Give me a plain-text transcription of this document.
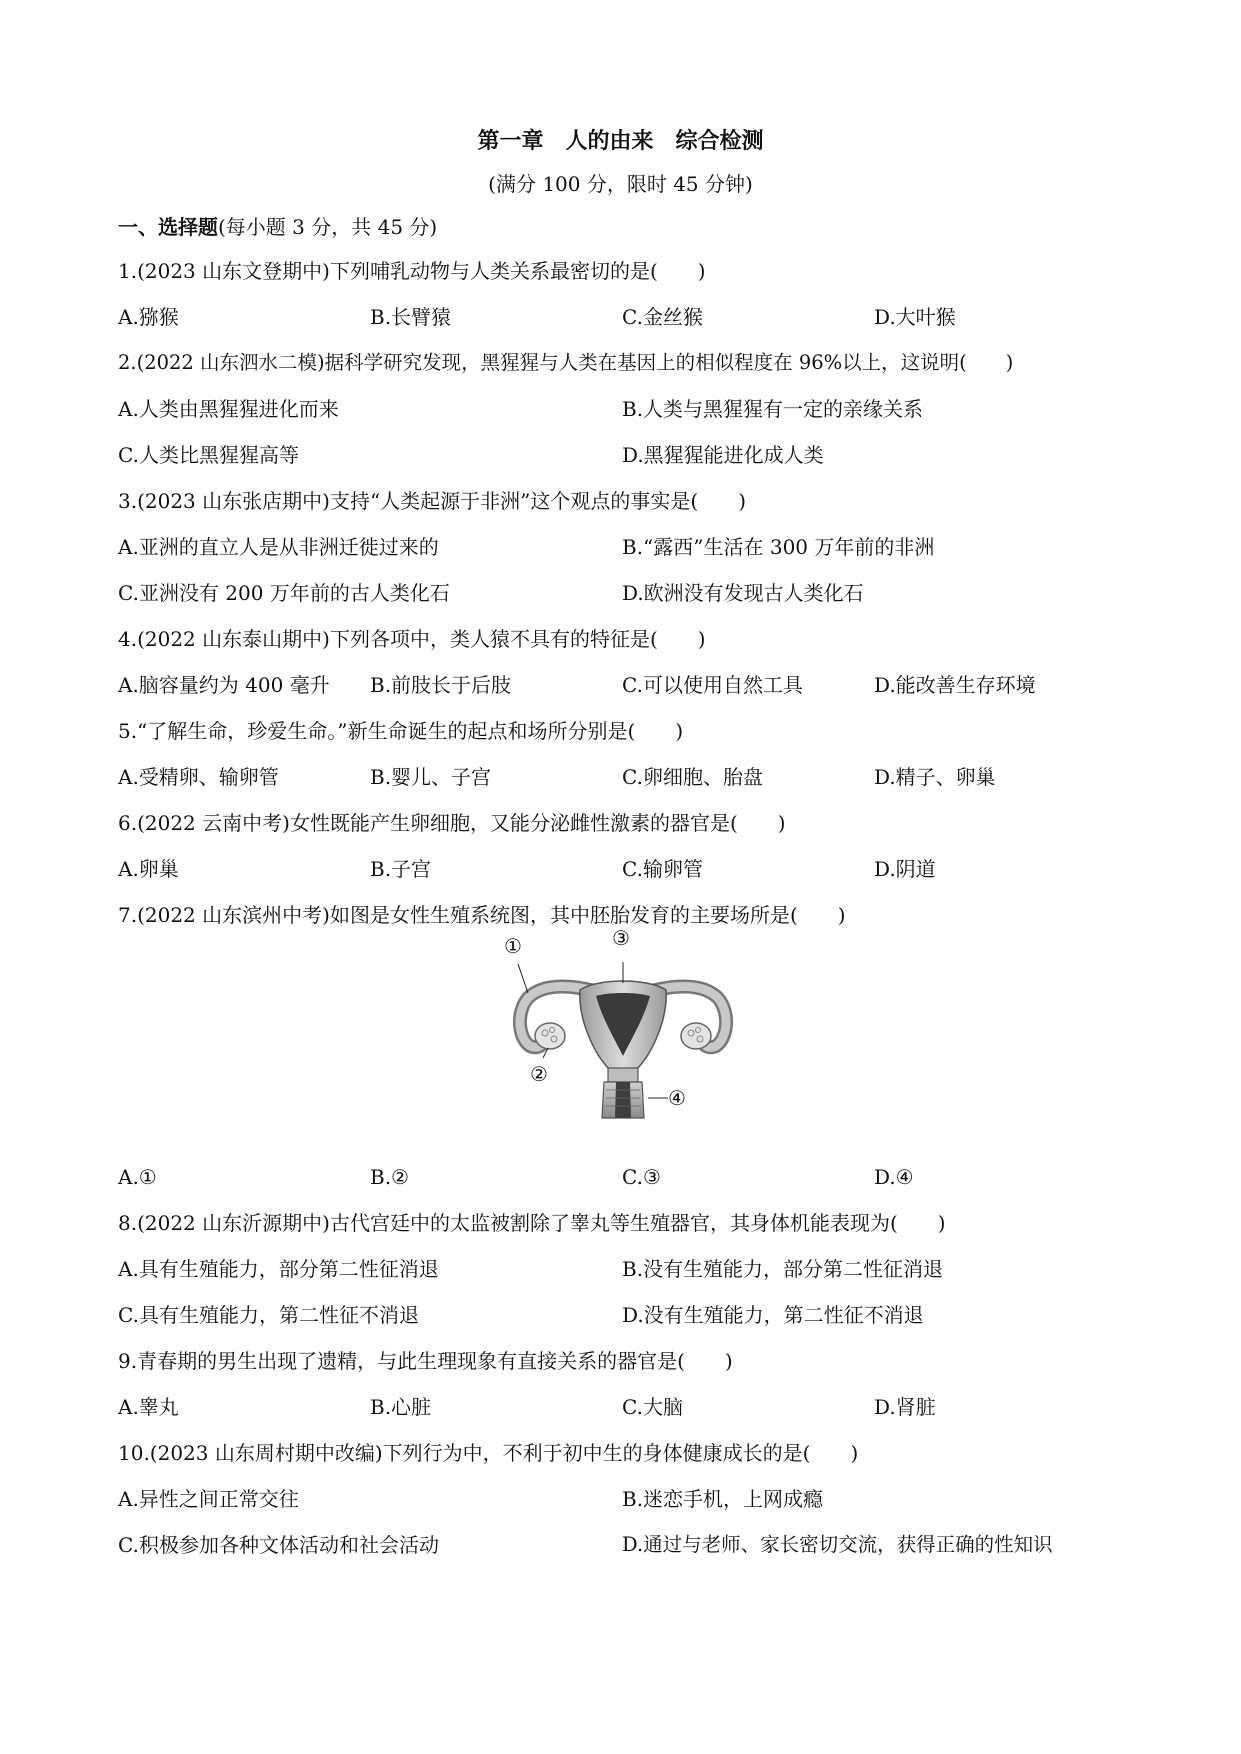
第一章　人的由来　综合检测
(满分 100 分，限时 45 分钟)
一、选择题(每小题 3 分，共 45 分)
1.(2023 山东文登期中)下列哺乳动物与人类关系最密切的是(　　)
A.猕猴	B.长臂猿	C.金丝猴	D.大叶猴
2.(2022 山东泗水二模)据科学研究发现，黑猩猩与人类在基因上的相似程度在 96%以上，这说明(　　)
A.人类由黑猩猩进化而来	B.人类与黑猩猩有一定的亲缘关系
C.人类比黑猩猩高等	D.黑猩猩能进化成人类
3.(2023 山东张店期中)支持“人类起源于非洲”这个观点的事实是(　　)
A.亚洲的直立人是从非洲迁徙过来的	B.“露西”生活在 300 万年前的非洲
C.亚洲没有 200 万年前的古人类化石	D.欧洲没有发现古人类化石
4.(2022 山东泰山期中)下列各项中，类人猿不具有的特征是(　　)
A.脑容量约为 400 毫升 B.前肢长于后肢	C.可以使用自然工具	D.能改善生存环境
5.“了解生命，珍爱生命。”新生命诞生的起点和场所分别是(　　)
A.受精卵、输卵管	B.婴儿、子宫	C.卵细胞、胎盘	D.精子、卵巢
6.(2022 云南中考)女性既能产生卵细胞，又能分泌雌性激素的器官是(　　)
A.卵巢	B.子宫	C.输卵管	D.阴道
7.(2022 山东滨州中考)如图是女性生殖系统图，其中胚胎发育的主要场所是(　　)
①	③
②
④
A.①	B.②	C.③	D.④
8.(2022 山东沂源期中)古代宫廷中的太监被割除了睾丸等生殖器官，其身体机能表现为(　　)
A.具有生殖能力，部分第二性征消退	B.没有生殖能力，部分第二性征消退
C.具有生殖能力，第二性征不消退	D.没有生殖能力，第二性征不消退
9.青春期的男生出现了遗精，与此生理现象有直接关系的器官是(　　)
A.睾丸	B.心脏	C.大脑	D.肾脏
10.(2023 山东周村期中改编)下列行为中，不利于初中生的身体健康成长的是(　　)
A.异性之间正常交往	B.迷恋手机，上网成瘾
C.积极参加各种文体活动和社会活动	D.通过与老师、家长密切交流，获得正确的性知识
